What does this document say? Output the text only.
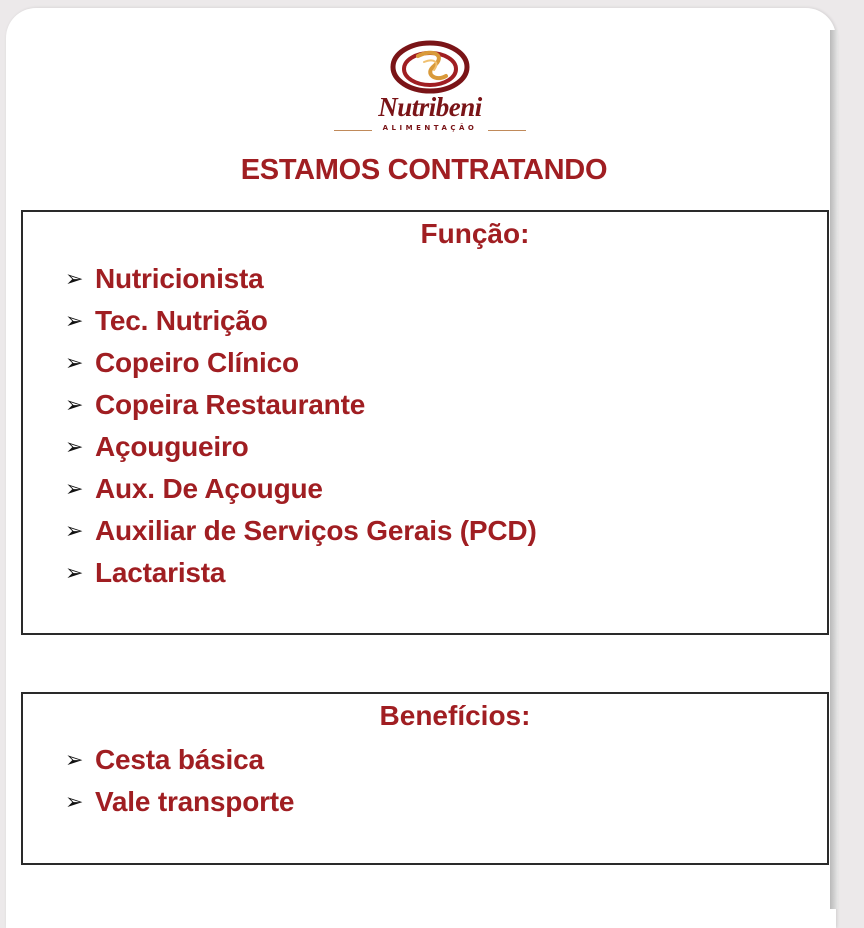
Nutribeni
ALIMENTAÇÃO
ESTAMOS CONTRATANDO
Função:
➢ Nutricionista
➢ Tec. Nutrição
➢ Copeiro Clínico
➢ Copeira Restaurante
➢ Açougueiro
➢ Aux. De Açougue
➢ Auxiliar de Serviços Gerais (PCD)
➢ Lactarista
Benefícios:
➢ Cesta básica
➢ Vale transporte
